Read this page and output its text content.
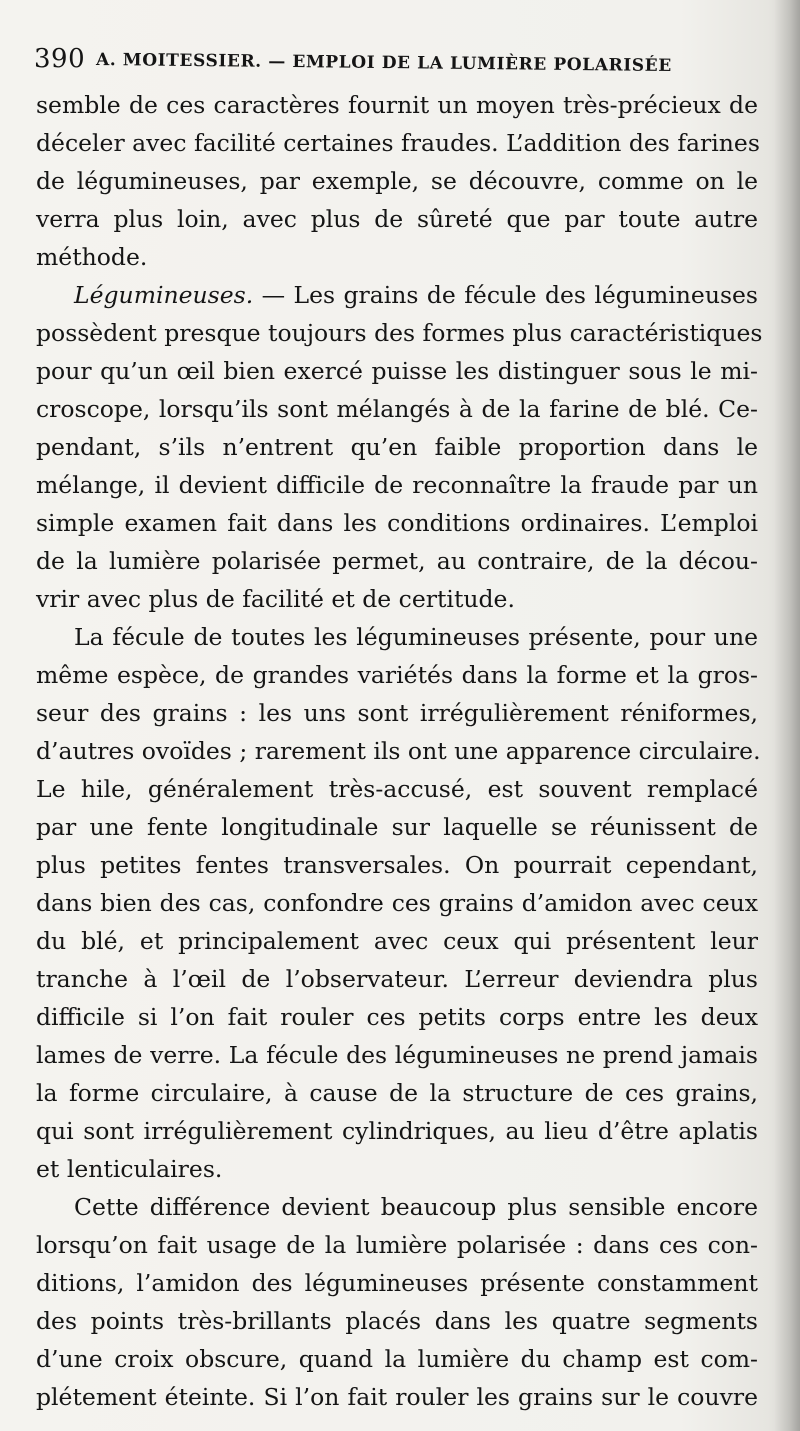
390 A. MOITESSIER. — EMPLOI DE LA LUMIÈRE POLARISÉE
semble de ces caractères fournit un moyen très-précieux de
déceler avec facilité certaines fraudes. L’addition des farines
de légumineuses, par exemple, se découvre, comme on le
verra plus loin, avec plus de sûreté que par toute autre
méthode.
Légumineuses. — Les grains de fécule des légumineuses
possèdent presque toujours des formes plus caractéristiques
pour qu’un œil bien exercé puisse les distinguer sous le mi-
croscope, lorsqu’ils sont mélangés à de la farine de blé. Ce-
pendant, s’ils n’entrent qu’en faible proportion dans le
mélange, il devient difficile de reconnaître la fraude par un
simple examen fait dans les conditions ordinaires. L’emploi
de la lumière polarisée permet, au contraire, de la décou-
vrir avec plus de facilité et de certitude.
La fécule de toutes les légumineuses présente, pour une
même espèce, de grandes variétés dans la forme et la gros-
seur des grains : les uns sont irrégulièrement réniformes,
d’autres ovoïdes ; rarement ils ont une apparence circulaire.
Le hile, généralement très-accusé, est souvent remplacé
par une fente longitudinale sur laquelle se réunissent de
plus petites fentes transversales. On pourrait cependant,
dans bien des cas, confondre ces grains d’amidon avec ceux
du blé, et principalement avec ceux qui présentent leur
tranche à l’œil de l’observateur. L’erreur deviendra plus
difficile si l’on fait rouler ces petits corps entre les deux
lames de verre. La fécule des légumineuses ne prend jamais
la forme circulaire, à cause de la structure de ces grains,
qui sont irrégulièrement cylindriques, au lieu d’être aplatis
et lenticulaires.
Cette différence devient beaucoup plus sensible encore
lorsqu’on fait usage de la lumière polarisée : dans ces con-
ditions, l’amidon des légumineuses présente constamment
des points très-brillants placés dans les quatre segments
d’une croix obscure, quand la lumière du champ est com-
plétement éteinte. Si l’on fait rouler les grains sur le couvre
